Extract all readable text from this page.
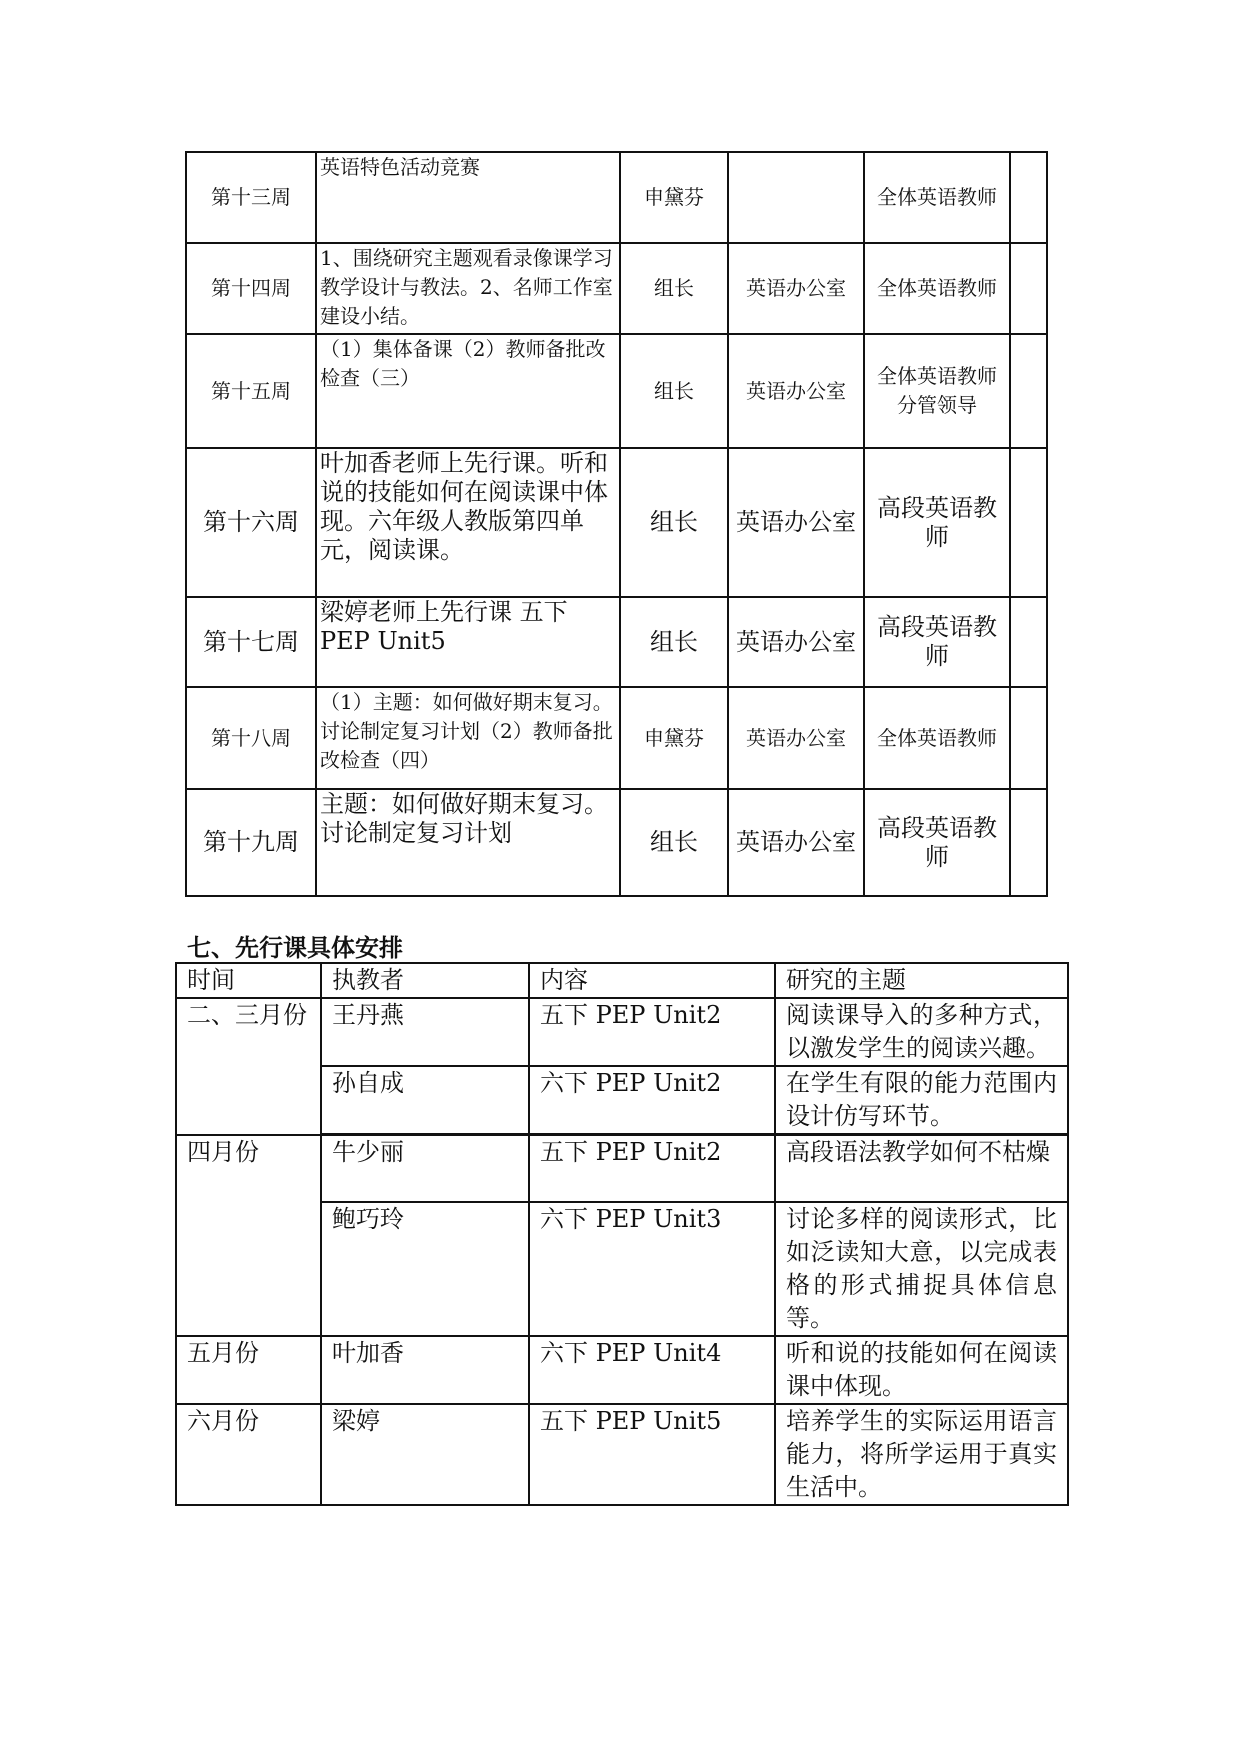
第十三周	英语特色活动竞赛	申黛芬		全体英语教师	
第十四周	1、围绕研究主题观看录像课学习教学设计与教法。2、名师工作室建设小结。	组长	英语办公室	全体英语教师	
第十五周	（1）集体备课（2）教师备批改检查（三）	组长	英语办公室	全体英语教师分管领导	
第十六周	叶加香老师上先行课。听和说的技能如何在阅读课中体现。六年级人教版第四单元，阅读课。	组长	英语办公室	高段英语教师	
第十七周	梁婷老师上先行课 五下 PEP Unit5	组长	英语办公室	高段英语教师	
第十八周	（1）主题：如何做好期末复习。讨论制定复习计划（2）教师备批改检查（四）	申黛芬	英语办公室	全体英语教师	
第十九周	主题：如何做好期末复习。讨论制定复习计划	组长	英语办公室	高段英语教师	
七、先行课具体安排
时间	执教者	内容	研究的主题
二、三月份	王丹燕	五下 PEP Unit2	阅读课导入的多种方式，以激发学生的阅读兴趣。
	孙自成	六下 PEP Unit2	在学生有限的能力范围内设计仿写环节。
四月份	牛少丽	五下 PEP Unit2	高段语法教学如何不枯燥
	鲍巧玲	六下 PEP Unit3	讨论多样的阅读形式，比如泛读知大意，以完成表格的形式捕捉具体信息等。
五月份	叶加香	六下 PEP Unit4	听和说的技能如何在阅读课中体现。
六月份	梁婷	五下 PEP Unit5	培养学生的实际运用语言能力，将所学运用于真实生活中。
